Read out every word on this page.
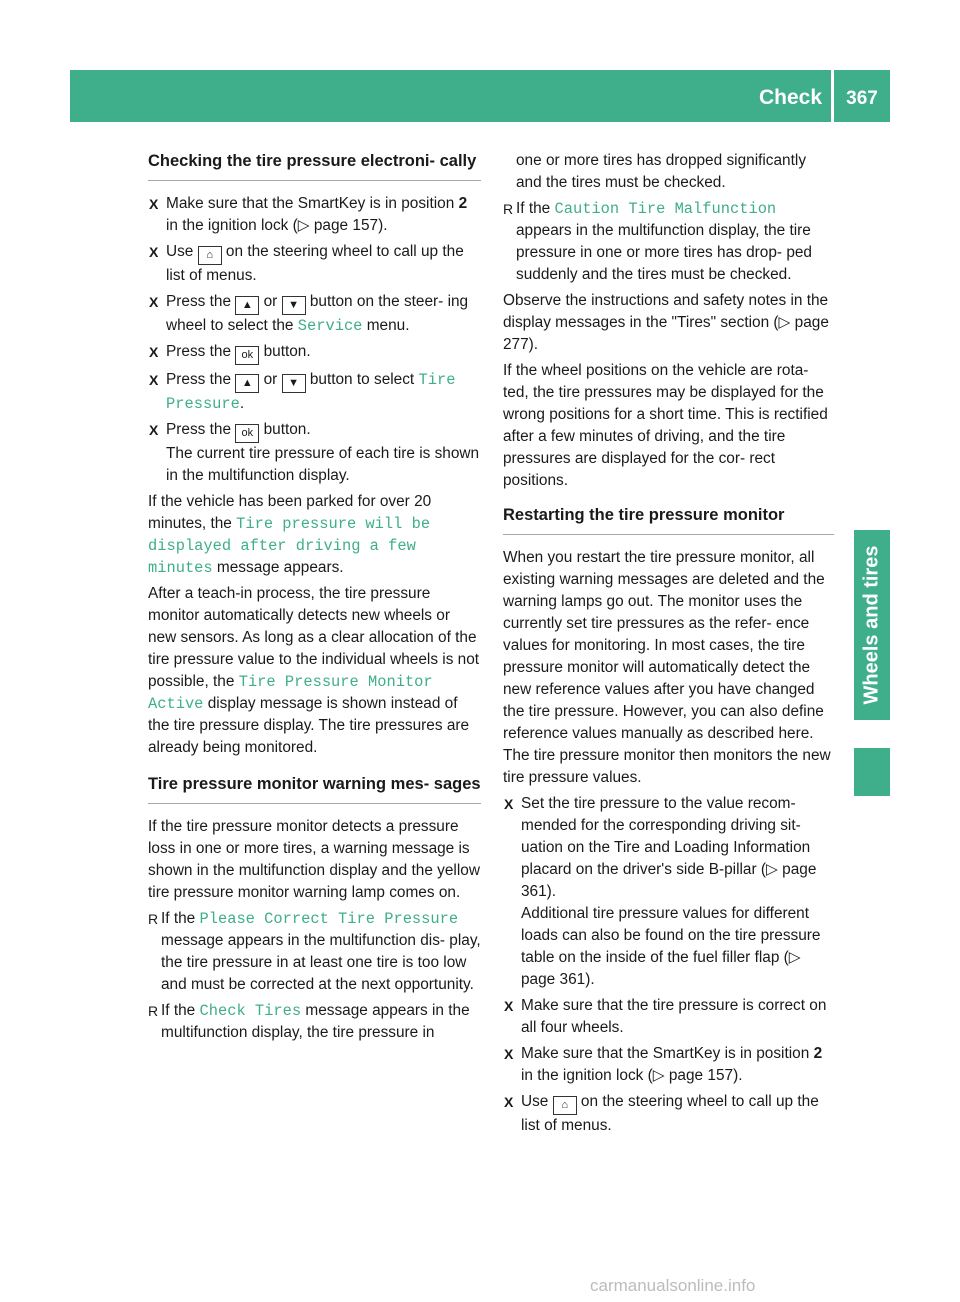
Check	367
Wheels and tires
Checking the tire pressure electroni- cally
X Make sure that the SmartKey is in position 2 in the ignition lock (▷ page 157).
X Use ⌂ on the steering wheel to call up the list of menus.
X Press the ▲ or ▼ button on the steer- ing wheel to select the Service menu.
X Press the ok button.
X Press the ▲ or ▼ button to select Tire Pressure.
X Press the ok button.
The current tire pressure of each tire is shown in the multifunction display.

If the vehicle has been parked for over 20 minutes, the Tire pressure will be displayed after driving a few minutes message appears.

After a teach-in process, the tire pressure monitor automatically detects new wheels or new sensors. As long as a clear allocation of the tire pressure value to the individual wheels is not possible, the Tire Pressure Monitor Active display message is shown instead of the tire pressure display. The tire pressures are already being monitored.

Tire pressure monitor warning mes- sages

If the tire pressure monitor detects a pressure loss in one or more tires, a warning message is shown in the multifunction display and the yellow tire pressure monitor warning lamp comes on.

R If the Please Correct Tire Pressure message appears in the multifunction dis- play, the tire pressure in at least one tire is too low and must be corrected at the next opportunity.
R If the Check Tires message appears in the multifunction display, the tire pressure in
one or more tires has dropped significantly and the tires must be checked.
R If the Caution Tire Malfunction appears in the multifunction display, the tire pressure in one or more tires has drop- ped suddenly and the tires must be checked.

Observe the instructions and safety notes in the display messages in the "Tires" section (▷ page 277).

If the wheel positions on the vehicle are rota- ted, the tire pressures may be displayed for the wrong positions for a short time. This is rectified after a few minutes of driving, and the tire pressures are displayed for the cor- rect positions.

Restarting the tire pressure monitor

When you restart the tire pressure monitor, all existing warning messages are deleted and the warning lamps go out. The monitor uses the currently set tire pressures as the refer- ence values for monitoring. In most cases, the tire pressure monitor will automatically detect the new reference values after you have changed the tire pressure. However, you can also define reference values manually as described here. The tire pressure monitor then monitors the new tire pressure values.

X Set the tire pressure to the value recom- mended for the corresponding driving sit- uation on the Tire and Loading Information placard on the driver's side B-pillar (▷ page 361).
Additional tire pressure values for different loads can also be found on the tire pressure table on the inside of the fuel filler flap (▷ page 361).
X Make sure that the tire pressure is correct on all four wheels.
X Make sure that the SmartKey is in position 2 in the ignition lock (▷ page 157).
X Use ⌂ on the steering wheel to call up the list of menus.
carmanualsonline.info
